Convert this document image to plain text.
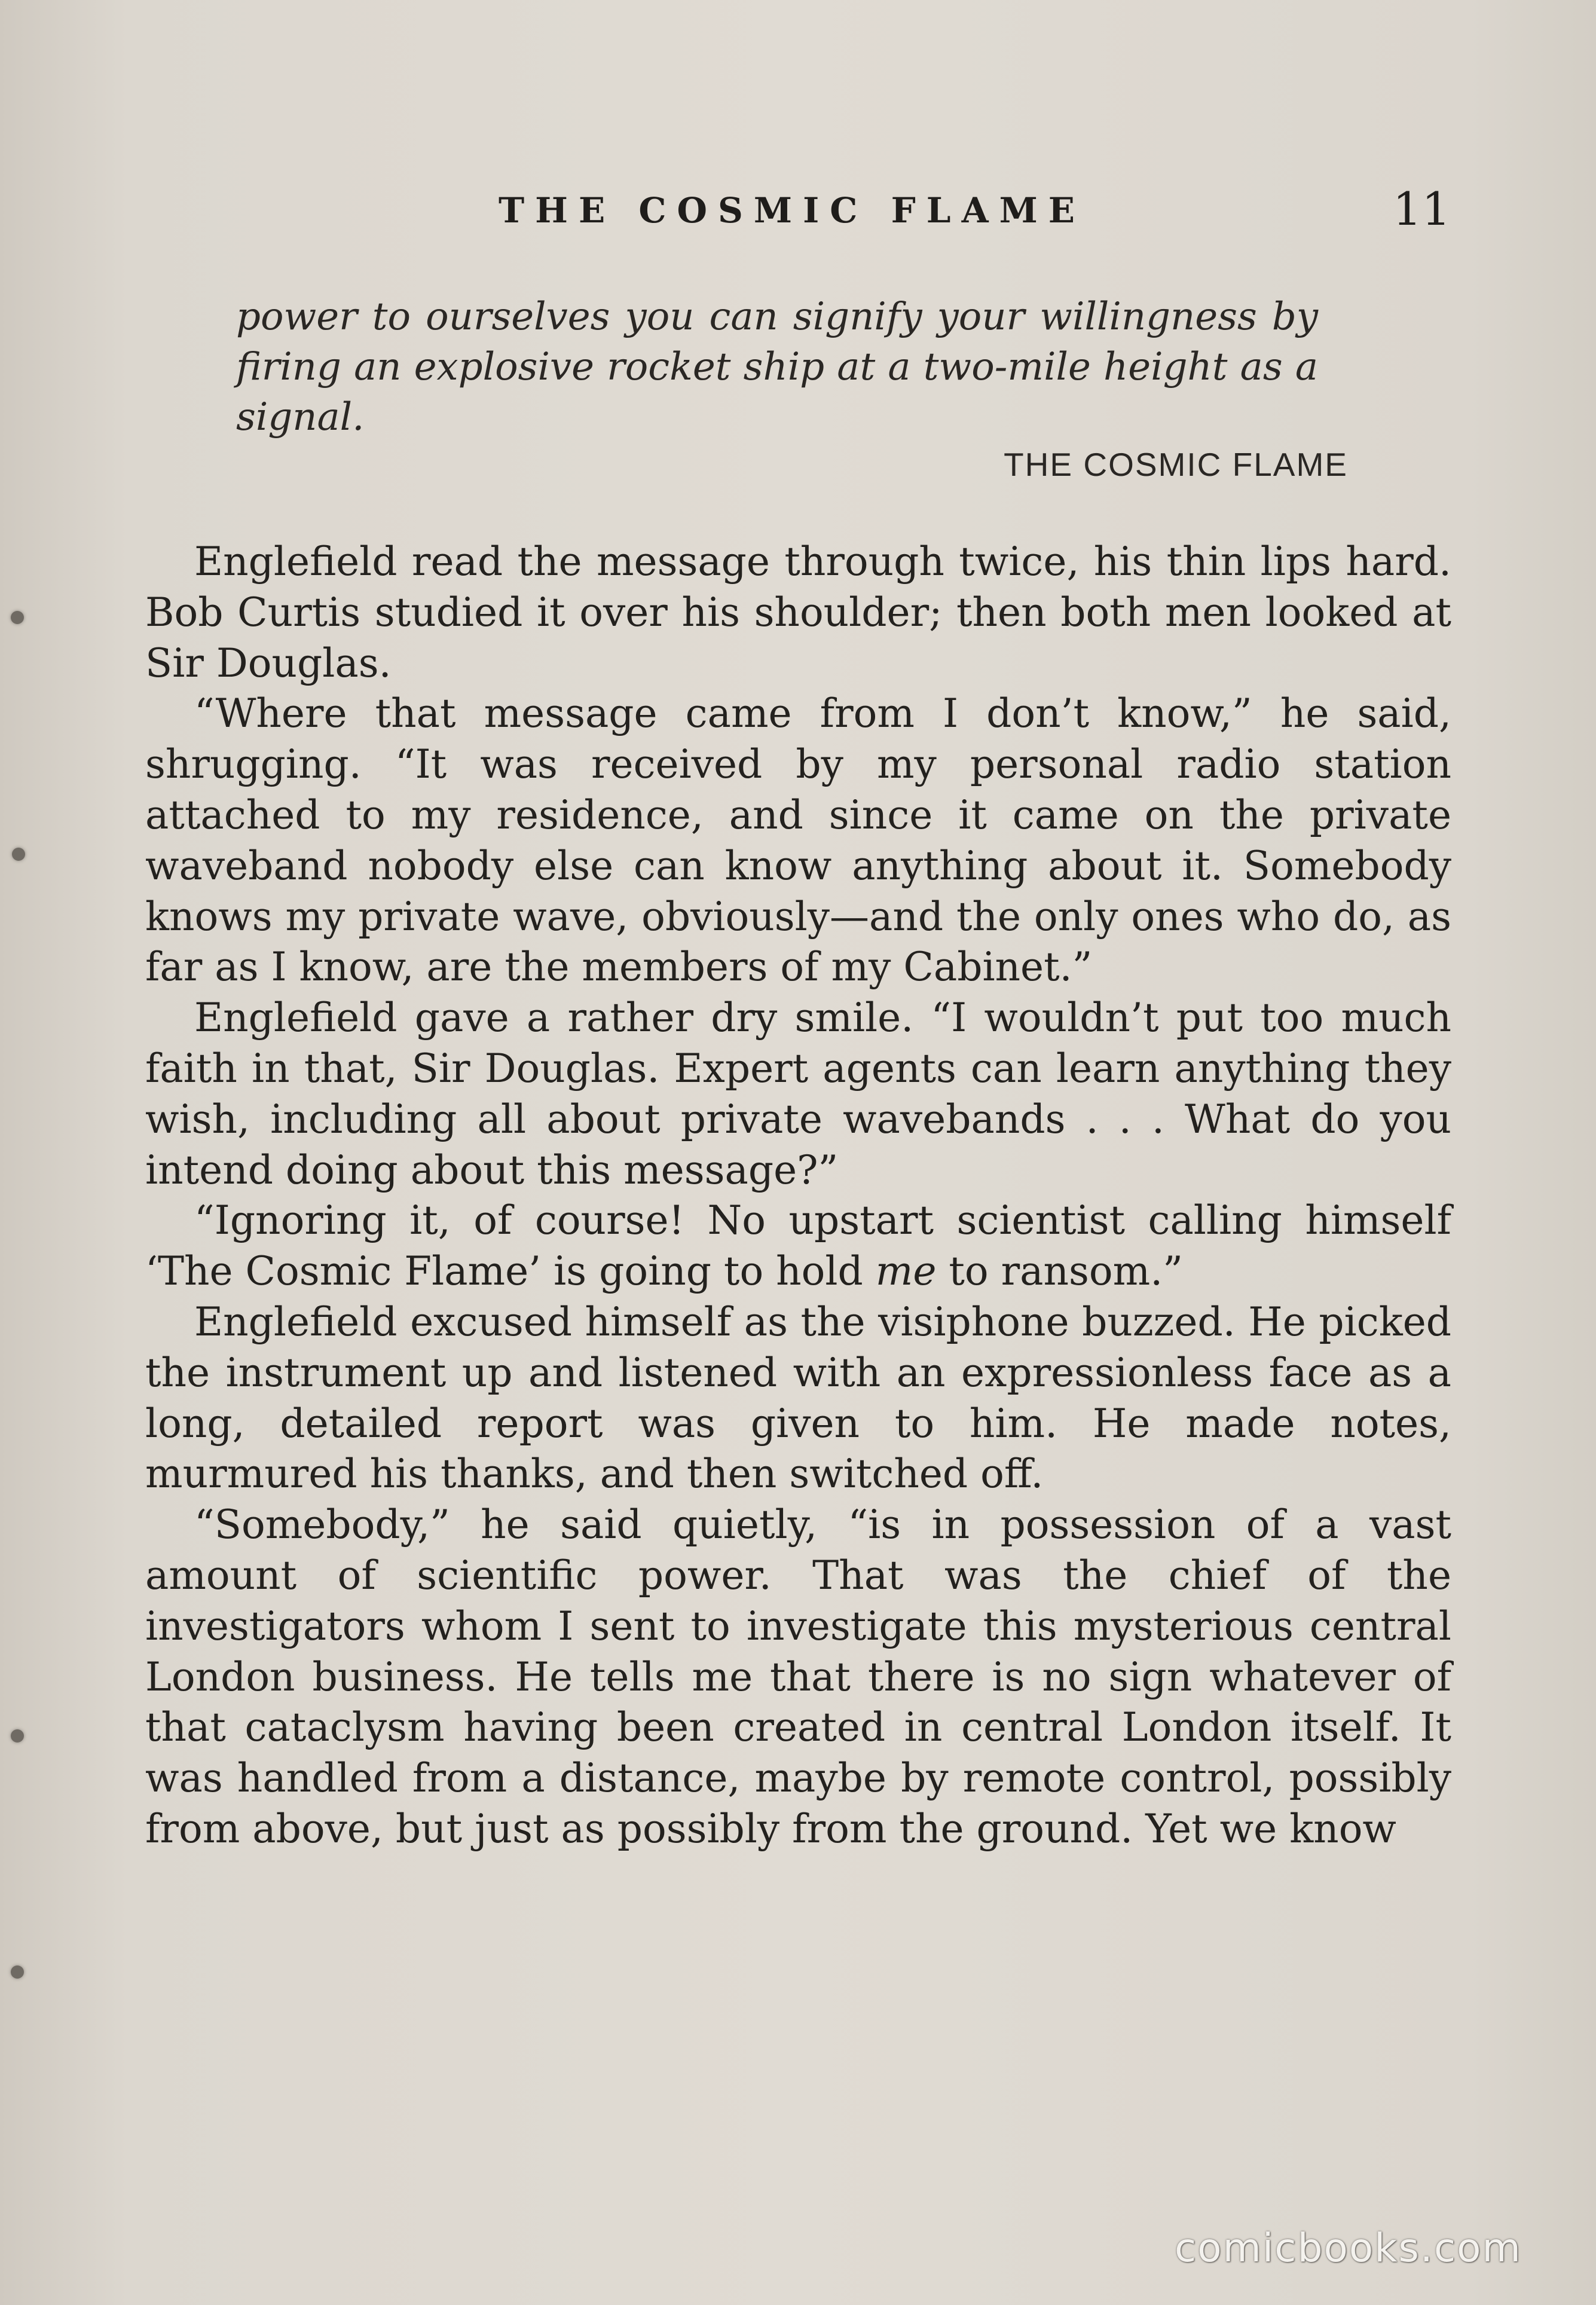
THE COSMIC FLAME	11
power to ourselves you can signify your willingness by firing an explosive rocket ship at a two-mile height as a signal.
THE COSMIC FLAME

Englefield read the message through twice, his thin lips hard. Bob Curtis studied it over his shoulder; then both men looked at Sir Douglas.

“Where that message came from I don’t know,” he said, shrugging. “It was received by my personal radio station attached to my residence, and since it came on the private waveband nobody else can know anything about it. Somebody knows my private wave, obviously—and the only ones who do, as far as I know, are the members of my Cabinet.”

Englefield gave a rather dry smile. “I wouldn’t put too much faith in that, Sir Douglas. Expert agents can learn anything they wish, including all about private wavebands . . . What do you intend doing about this message?”

“Ignoring it, of course! No upstart scientist calling himself ‘The Cosmic Flame’ is going to hold me to ransom.”

Englefield excused himself as the visiphone buzzed. He picked the instrument up and listened with an expressionless face as a long, detailed report was given to him. He made notes, murmured his thanks, and then switched off.

“Somebody,” he said quietly, “is in possession of a vast amount of scientific power. That was the chief of the investigators whom I sent to investigate this mysterious central London business. He tells me that there is no sign whatever of that cataclysm having been created in central London itself. It was handled from a distance, maybe by remote control, possibly from above, but just as possibly from the ground. Yet we know

comicbooks.com
